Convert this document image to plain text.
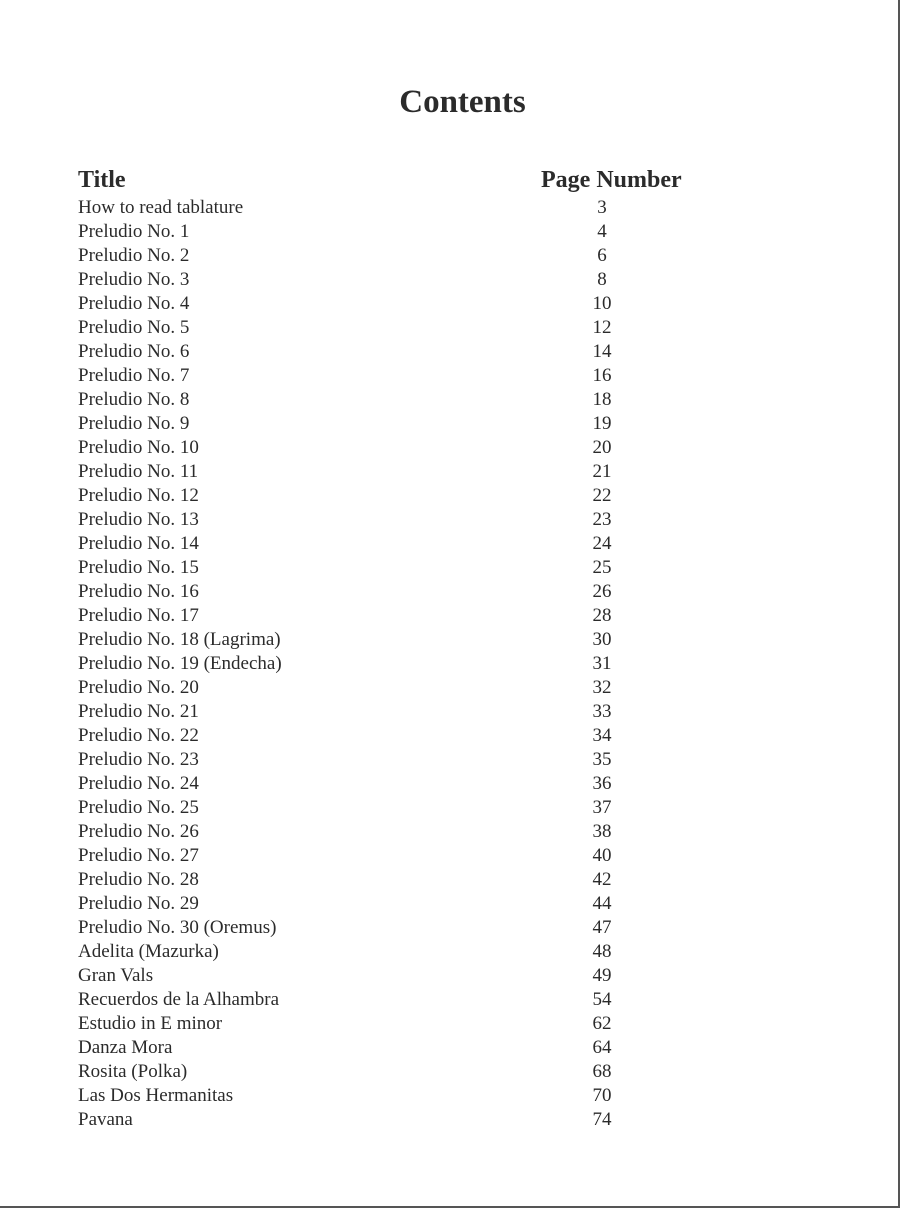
Contents
Title	Page Number
How to read tablature	3
Preludio No. 1	4
Preludio No. 2	6
Preludio No. 3	8
Preludio No. 4	10
Preludio No. 5	12
Preludio No. 6	14
Preludio No. 7	16
Preludio No. 8	18
Preludio No. 9	19
Preludio No. 10	20
Preludio No. 11	21
Preludio No. 12	22
Preludio No. 13	23
Preludio No. 14	24
Preludio No. 15	25
Preludio No. 16	26
Preludio No. 17	28
Preludio No. 18 (Lagrima)	30
Preludio No. 19 (Endecha)	31
Preludio No. 20	32
Preludio No. 21	33
Preludio No. 22	34
Preludio No. 23	35
Preludio No. 24	36
Preludio No. 25	37
Preludio No. 26	38
Preludio No. 27	40
Preludio No. 28	42
Preludio No. 29	44
Preludio No. 30 (Oremus)	47
Adelita (Mazurka)	48
Gran Vals	49
Recuerdos de la Alhambra	54
Estudio in E minor	62
Danza Mora	64
Rosita (Polka)	68
Las Dos Hermanitas	70
Pavana	74
